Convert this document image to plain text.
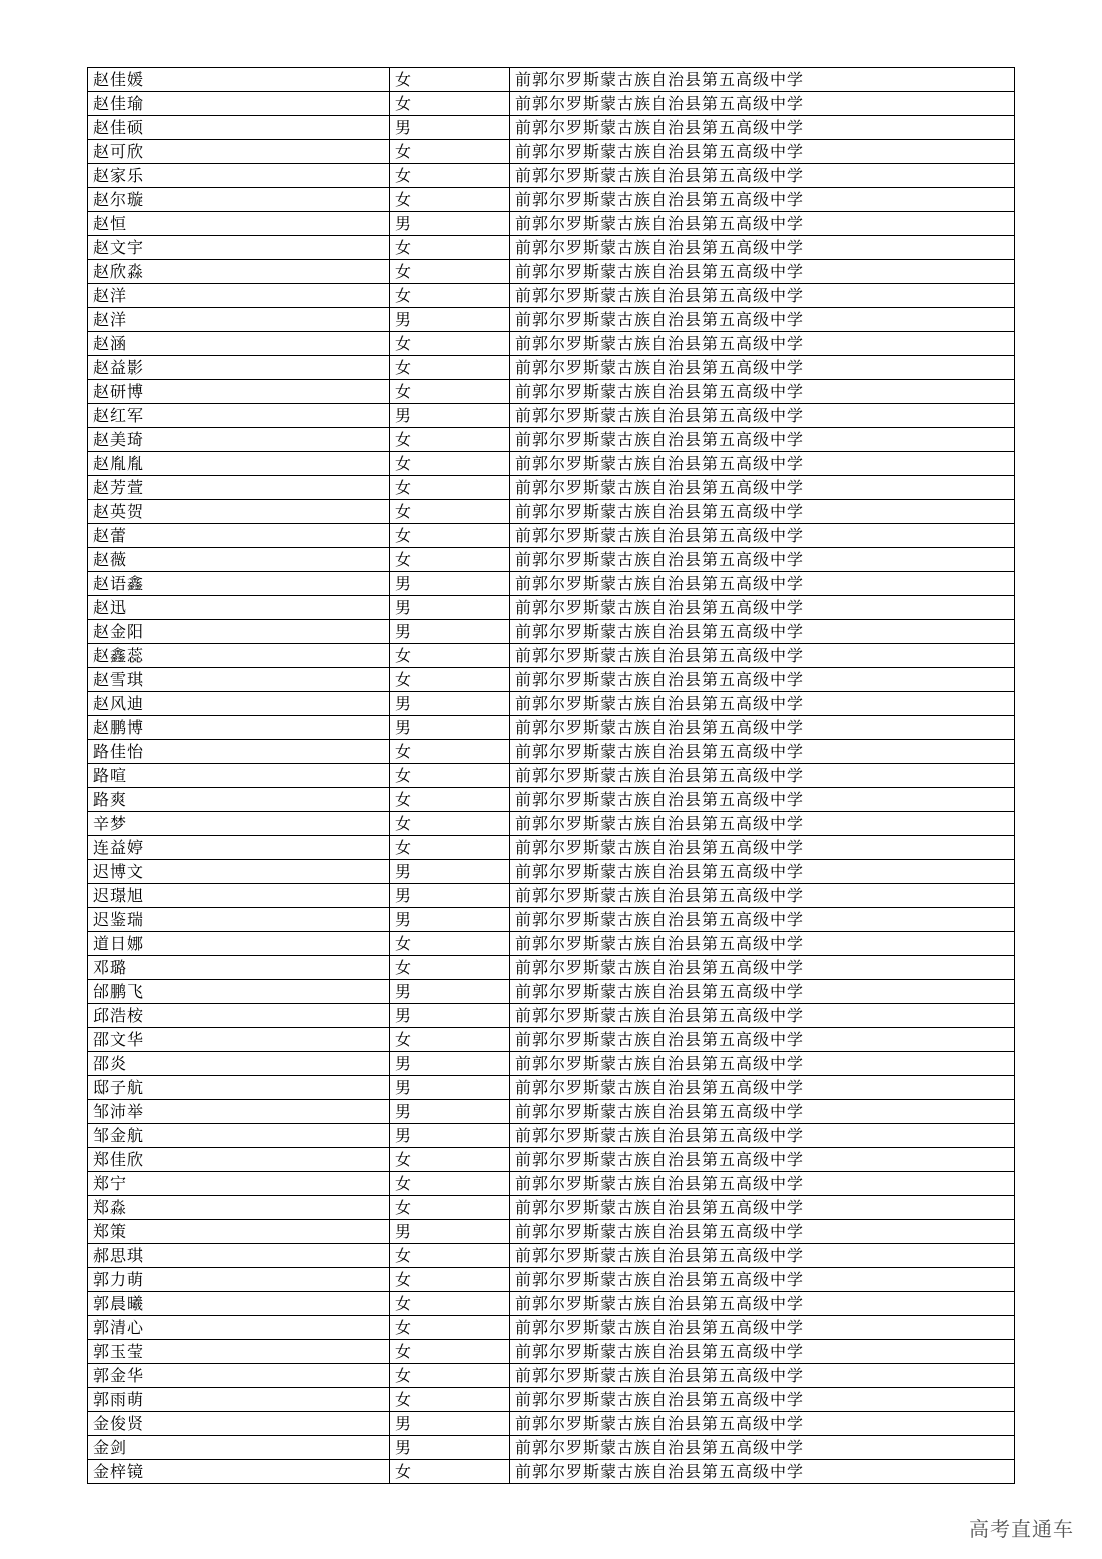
赵佳媛	女	前郭尔罗斯蒙古族自治县第五高级中学
赵佳瑜	女	前郭尔罗斯蒙古族自治县第五高级中学
赵佳硕	男	前郭尔罗斯蒙古族自治县第五高级中学
赵可欣	女	前郭尔罗斯蒙古族自治县第五高级中学
赵家乐	女	前郭尔罗斯蒙古族自治县第五高级中学
赵尔璇	女	前郭尔罗斯蒙古族自治县第五高级中学
赵恒	男	前郭尔罗斯蒙古族自治县第五高级中学
赵文宇	女	前郭尔罗斯蒙古族自治县第五高级中学
赵欣淼	女	前郭尔罗斯蒙古族自治县第五高级中学
赵洋	女	前郭尔罗斯蒙古族自治县第五高级中学
赵洋	男	前郭尔罗斯蒙古族自治县第五高级中学
赵涵	女	前郭尔罗斯蒙古族自治县第五高级中学
赵益影	女	前郭尔罗斯蒙古族自治县第五高级中学
赵研博	女	前郭尔罗斯蒙古族自治县第五高级中学
赵红军	男	前郭尔罗斯蒙古族自治县第五高级中学
赵美琦	女	前郭尔罗斯蒙古族自治县第五高级中学
赵胤胤	女	前郭尔罗斯蒙古族自治县第五高级中学
赵芳萱	女	前郭尔罗斯蒙古族自治县第五高级中学
赵英贺	女	前郭尔罗斯蒙古族自治县第五高级中学
赵蕾	女	前郭尔罗斯蒙古族自治县第五高级中学
赵薇	女	前郭尔罗斯蒙古族自治县第五高级中学
赵语鑫	男	前郭尔罗斯蒙古族自治县第五高级中学
赵迅	男	前郭尔罗斯蒙古族自治县第五高级中学
赵金阳	男	前郭尔罗斯蒙古族自治县第五高级中学
赵鑫蕊	女	前郭尔罗斯蒙古族自治县第五高级中学
赵雪琪	女	前郭尔罗斯蒙古族自治县第五高级中学
赵风迪	男	前郭尔罗斯蒙古族自治县第五高级中学
赵鹏博	男	前郭尔罗斯蒙古族自治县第五高级中学
路佳怡	女	前郭尔罗斯蒙古族自治县第五高级中学
路喧	女	前郭尔罗斯蒙古族自治县第五高级中学
路爽	女	前郭尔罗斯蒙古族自治县第五高级中学
辛梦	女	前郭尔罗斯蒙古族自治县第五高级中学
连益婷	女	前郭尔罗斯蒙古族自治县第五高级中学
迟博文	男	前郭尔罗斯蒙古族自治县第五高级中学
迟璟旭	男	前郭尔罗斯蒙古族自治县第五高级中学
迟鉴瑞	男	前郭尔罗斯蒙古族自治县第五高级中学
道日娜	女	前郭尔罗斯蒙古族自治县第五高级中学
邓璐	女	前郭尔罗斯蒙古族自治县第五高级中学
邰鹏飞	男	前郭尔罗斯蒙古族自治县第五高级中学
邱浩桉	男	前郭尔罗斯蒙古族自治县第五高级中学
邵文华	女	前郭尔罗斯蒙古族自治县第五高级中学
邵炎	男	前郭尔罗斯蒙古族自治县第五高级中学
邸子航	男	前郭尔罗斯蒙古族自治县第五高级中学
邹沛举	男	前郭尔罗斯蒙古族自治县第五高级中学
邹金航	男	前郭尔罗斯蒙古族自治县第五高级中学
郑佳欣	女	前郭尔罗斯蒙古族自治县第五高级中学
郑宁	女	前郭尔罗斯蒙古族自治县第五高级中学
郑淼	女	前郭尔罗斯蒙古族自治县第五高级中学
郑策	男	前郭尔罗斯蒙古族自治县第五高级中学
郝思琪	女	前郭尔罗斯蒙古族自治县第五高级中学
郭力萌	女	前郭尔罗斯蒙古族自治县第五高级中学
郭晨曦	女	前郭尔罗斯蒙古族自治县第五高级中学
郭清心	女	前郭尔罗斯蒙古族自治县第五高级中学
郭玉莹	女	前郭尔罗斯蒙古族自治县第五高级中学
郭金华	女	前郭尔罗斯蒙古族自治县第五高级中学
郭雨萌	女	前郭尔罗斯蒙古族自治县第五高级中学
金俊贤	男	前郭尔罗斯蒙古族自治县第五高级中学
金剑	男	前郭尔罗斯蒙古族自治县第五高级中学
金梓镜	女	前郭尔罗斯蒙古族自治县第五高级中学
高考直通车
